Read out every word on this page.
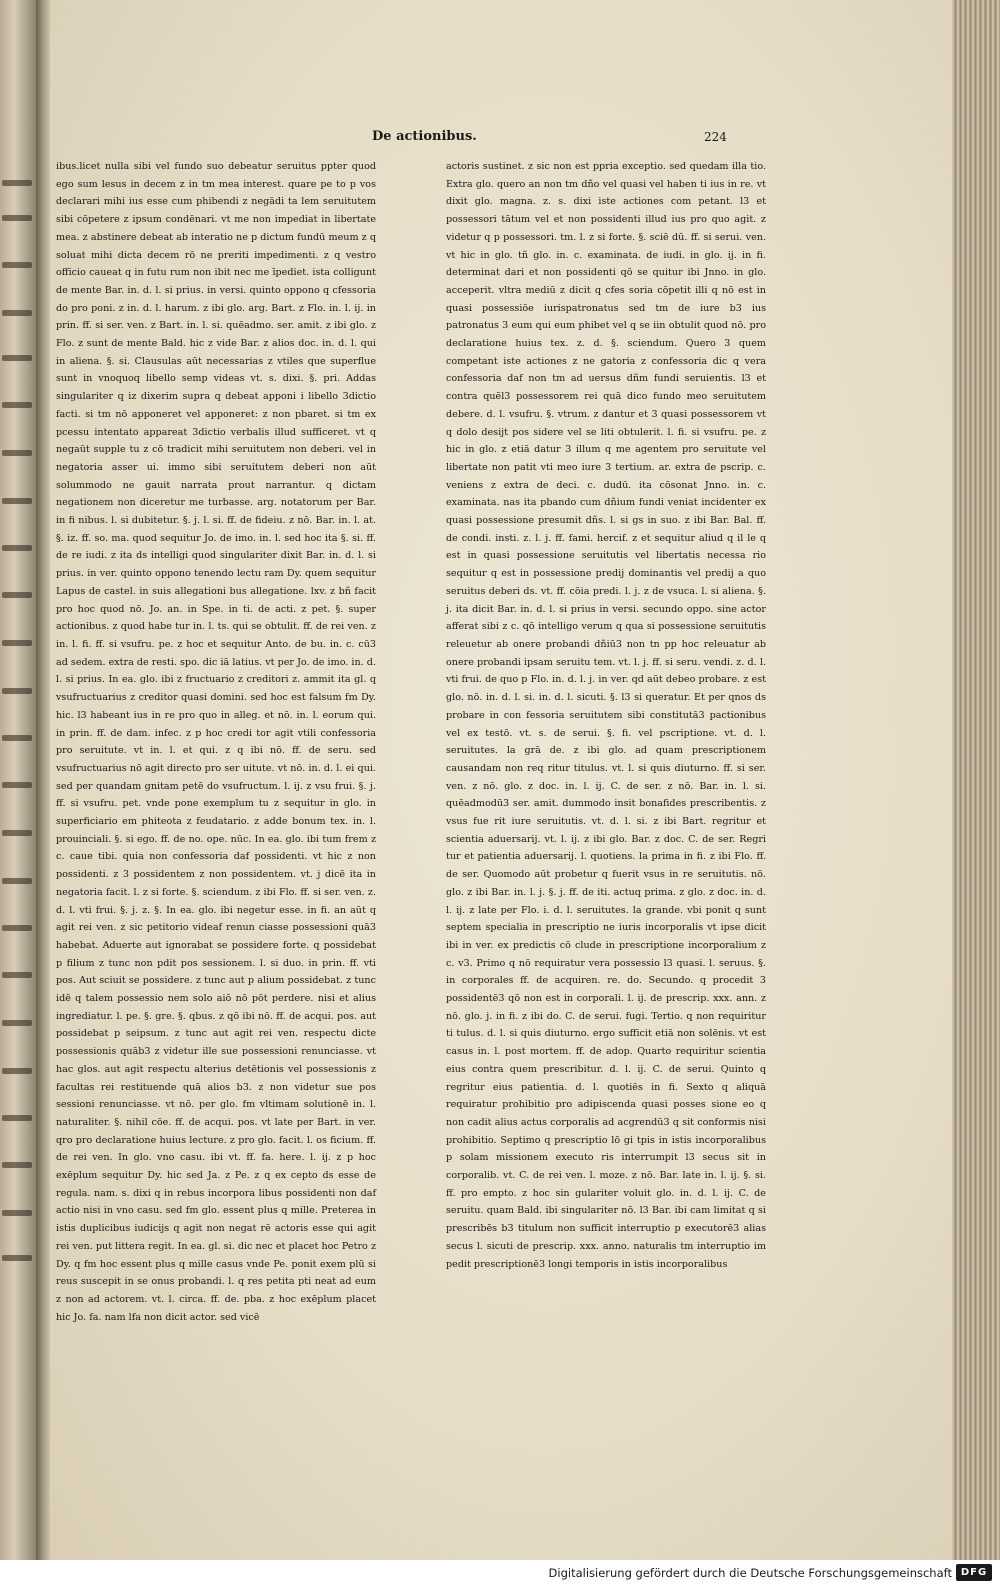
De actionibus.	224

ibus.licet nulla sibi vel fundo suo debeatur seruitus ppter quod ego sum lesus in decem z in tm mea interest. quare pe to p vos declarari mihi ius esse cum phibendi z negādi ta lem seruitutem sibi cōpetere z ipsum condēnari. vt me non impediat in libertate mea. z abstinere debeat ab interatio ne p dictum fundū meum z q soluat mihi dicta decem rō ne preriti impedimenti. z q vestro officio caueat q in futu rum non ibit nec me īpediet. ista colligunt de mente Bar. in. d. l. si prius. in versi. quinto oppono q cfessoria do pro poni. z in. d. l. harum. z ibi glo. arg. Bart. z Flo. in. l. ij. in prin. ff. si ser. ven. z Bart. in. l. si. quēadmo. ser. amit. z ibi glo. z Flo. z sunt de mente Bald. hic z vide Bar. z alios doc. in. d. l. qui in aliena. §. si. Clausulas aūt necessarias z vtiles que superflue sunt in vnoquoq libello semp videas vt. s. dixi. §. pri. Addas singulariter q iz dixerim supra q debeat apponi i libello 3dictio facti. si tm nō apponeret vel apponeret: z non pbaret. si tm ex pcessu intentato appareat 3dictio verbalis illud sufficeret. vt q negaūt supple tu z cō tradicit mihi seruitutem non deberi. vel in negatoria asser ui. immo sibi seruitutem deberi non aūt solummodo ne gauit narrata prout narrantur. q dictam negationem non diceretur me turbasse. arg. notatorum per Bar. in fi nibus. l. si dubitetur. §. j. l. si. ff. de fideiu. z nō. Bar. in. l. at. §. iz. ff. so. ma. quod sequitur Jo. de imo. in. l. sed hoc ita §. si. ff. de re iudi. z ita ds intelligi quod singulariter dixit Bar. in. d. l. si prius. in ver. quinto oppono tenendo lectu ram Dy. quem sequitur Lapus de castel. in suis allegationi bus allegatione. lxv. z bñ facit pro hoc quod nō. Jo. an. in Spe. in ti. de acti. z pet. §. super actionibus. z quod habe tur in. l. ts. qui se obtulit. ff. de rei ven. z in. l. fi. ff. si vsufru. pe. z hoc et sequitur Anto. de bu. in. c. cū3 ad sedem. extra de resti. spo. dic iā latius. vt per Jo. de imo. in. d. l. si prius. In ea. glo. ibi z fructuario z creditori z. ammit ita gl. q vsufructuarius z creditor quasi domini. sed hoc est falsum fm Dy. hic. l3 habeant ius in re pro quo in alleg. et nō. in. l. eorum qui. in prin. ff. de dam. infec. z p hoc credi tor agit vtili confessoria pro seruitute. vt in. l. et qui. z q ibi nō. ff. de seru. sed vsufructuarius nō agit directo pro ser uitute. vt nō. in. d. l. ei qui. sed per quandam gnitam petē do vsufructum. l. ij. z vsu frui. §. j. ff. si vsufru. pet. vnde pone exemplum tu z sequitur in glo. in superficiario em phiteota z feudatario. z adde bonum tex. in. l. prouinciali. §. si ego. ff. de no. ope. nūc. In ea. glo. ibi tum frem z c. caue tibi. quia non confessoria daf possidenti. vt hic z non possidenti. z 3 possidentem z non possidentem. vt. j dicē ita in negatoria facit. l. z si forte. §. sciendum. z ibi Flo. ff. si ser. ven. z. d. l. vti frui. §. j. z. §. In ea. glo. ibi negetur esse. in fi. an aūt q agit rei ven. z sic petitorio videaf renun ciasse possessioni quā3 habebat. Aduerte aut ignorabat se possidere forte. q possidebat p filium z tunc non pdit pos sessionem. l. si duo. in prin. ff. vti pos. Aut sciuit se possidere. z tunc aut p alium possidebat. z tunc idē q talem possessio nem solo aiō nō pōt perdere. nisi et alius ingrediatur. l. pe. §. gre. §. qbus. z qō ibi nō. ff. de acqui. pos. aut possidebat p seipsum. z tunc aut agit rei ven. respectu dicte possessionis quāb3 z videtur ille sue possessioni renunciasse. vt hac glos. aut agit respectu alterius detētionis vel possessionis z facultas rei restituende quā alios b3. z non videtur sue pos sessioni renunciasse. vt nō. per glo. fm vltimam solutionē in. l. naturaliter. §. nihil cōe. ff. de acqui. pos. vt late per Bart. in ver. qro pro declaratione huius lecture. z pro glo. facit. l. os ficium. ff. de rei ven. In glo. vno casu. ibi vt. ff. fa. here. l. ij. z p hoc exēplum sequitur Dy. hic sed Ja. z Pe. z q ex cepto ds esse de regula. nam. s. dixi q in rebus incorpora libus possidenti non daf actio nisi in vno casu. sed fm glo. essent plus q mille. Preterea in istis duplicibus iudicijs q agit non negat rē actoris esse qui agit rei ven. put littera regit. In ea. gl. si. dic nec et placet hoc Petro z Dy. q fm hoc essent plus q mille casus vnde Pe. ponit exem plū si reus suscepit in se onus probandi. l. q res petita pti neat ad eum z non ad actorem. vt. l. circa. ff. de. pba. z hoc exēplum placet hic Jo. fa. nam lfa non dicit actor. sed vicē

actoris sustinet. z sic non est ppria exceptio. sed quedam illa tio. Extra glo. quero an non tm dño vel quasi vel haben ti ius in re. vt dixit glo. magna. z. s. dixi iste actiones com petant. l3 et possessori tātum vel et non possidenti illud ius pro quo agit. z videtur q p possessori. tm. l. z si forte. §. sciē dū. ff. si serui. ven. vt hic in glo. tñ glo. in. c. examinata. de iudi. in glo. ij. in fi. determinat dari et non possidenti qō se quitur ibi Jnno. in glo. acceperit. vltra mediū z dicit q cfes soria cōpetit illi q nō est in quasi possessiōe iurispatronatus sed tm de iure b3 ius patronatus 3 eum qui eum phibet vel q se iin obtulit quod nō. pro declaratione huius tex. z. d. §. sciendum. Quero 3 quem competant iste actiones z ne gatoria z confessoria dic q vera confessoria daf non tm ad uersus dñm fundi seruientis. l3 et contra quēl3 possessorem rei quā dico fundo meo seruitutem debere. d. l. vsufru. §. vtrum. z dantur et 3 quasi possessorem vt q dolo desijt pos sidere vel se liti obtulerit. l. fi. si vsufru. pe. z hic in glo. z etiā datur 3 illum q me agentem pro seruitute vel libertate non patit vti meo iure 3 tertium. ar. extra de pscrip. c. veniens z extra de deci. c. dudū. ita cōsonat Jnno. in. c. examinata. nas ita pbando cum dñium fundi veniat incidenter ex quasi possessione presumit dñs. l. si gs in suo. z ibi Bar. Bal. ff. de condi. insti. z. l. j. ff. fami. hercif. z et sequitur aliud q il le q est in quasi possessione seruitutis vel libertatis necessa rio sequitur q est in possessione predij dominantis vel predij a quo seruitus deberi ds. vt. ff. cōia predi. l. j. z de vsuca. l. si aliena. §. j. ita dicit Bar. in. d. l. si prius in versi. secundo oppo. sine actor afferat sibi z c. qō intelligo verum q qua si possessione seruitutis releuetur ab onere probandi dñiū3 non tn pp hoc releuatur ab onere probandi ipsam seruitu tem. vt. l. j. ff. si seru. vendi. z. d. l. vti frui. de quo p Flo. in. d. l. j. in ver. qd aūt debeo probare. z est glo. nō. in. d. l. si. in. d. l. sicuti. §. l3 si queratur. Et per qnos ds probare in con fessoria seruitutem sibi constitutā3 pactionibus vel ex testō. vt. s. de serui. §. fi. vel pscriptione. vt. d. l. seruitutes. la grā de. z ibi glo. ad quam prescriptionem causandam non req ritur titulus. vt. l. si quis diuturno. ff. si ser. ven. z nō. glo. z doc. in. l. ij. C. de ser. z nō. Bar. in. l. si. quēadmodū3 ser. amit. dummodo insit bonafides prescribentis. z vsus fue rit iure seruitutis. vt. d. l. si. z ibi Bart. regritur et scientia aduersarij. vt. l. ij. z ibi glo. Bar. z doc. C. de ser. Regri tur et patientia aduersarij. l. quotiens. la prima in fi. z ibi Flo. ff. de ser. Quomodo aūt probetur q fuerit vsus in re seruitutis. nō. glo. z ibi Bar. in. l. j. §. j. ff. de iti. actuq prima. z glo. z doc. in. d. l. ij. z late per Flo. i. d. l. seruitutes. la grande. vbi ponit q sunt septem specialia in prescriptio ne iuris incorporalis vt ipse dicit ibi in ver. ex predictis cō clude in prescriptione incorporalium z c. v3. Primo q nō requiratur vera possessio l3 quasi. l. seruus. §. in corporales ff. de acquiren. re. do. Secundo. q procedit 3 possidentē3 qō non est in corporali. l. ij. de prescrip. xxx. ann. z nō. glo. j. in fi. z ibi do. C. de serui. fugi. Tertio. q non requiritur ti tulus. d. l. si quis diuturno. ergo sufficit etiā non solēnis. vt est casus in. l. post mortem. ff. de adop. Quarto requiritur scientia eius contra quem prescribitur. d. l. ij. C. de serui. Quinto q regritur eius patientia. d. l. quotiēs in fi. Sexto q aliquā requiratur prohibitio pro adipiscenda quasi posses sione eo q non cadit alius actus corporalis ad acgrendū3 q sit conformis nisi prohibitio. Septimo q prescriptio lō gi tpis in istis incorporalibus p solam missionem executo ris interrumpit l3 secus sit in corporalib. vt. C. de rei ven. l. moze. z nō. Bar. late in. l. ij. §. si. ff. pro empto. z hoc sin gulariter voluit glo. in. d. l. ij. C. de seruitu. quam Bald. ibi singulariter nō. l3 Bar. ibi cam limitat q si prescribēs b3 titulum non sufficit interruptio p executorē3 alias secus l. sicuti de prescrip. xxx. anno. naturalis tm interruptio im pedit prescriptionē3 longi temporis in istis incorporalibus

Digitalisierung gefördert durch die Deutsche Forschungsgemeinschaft DFG
